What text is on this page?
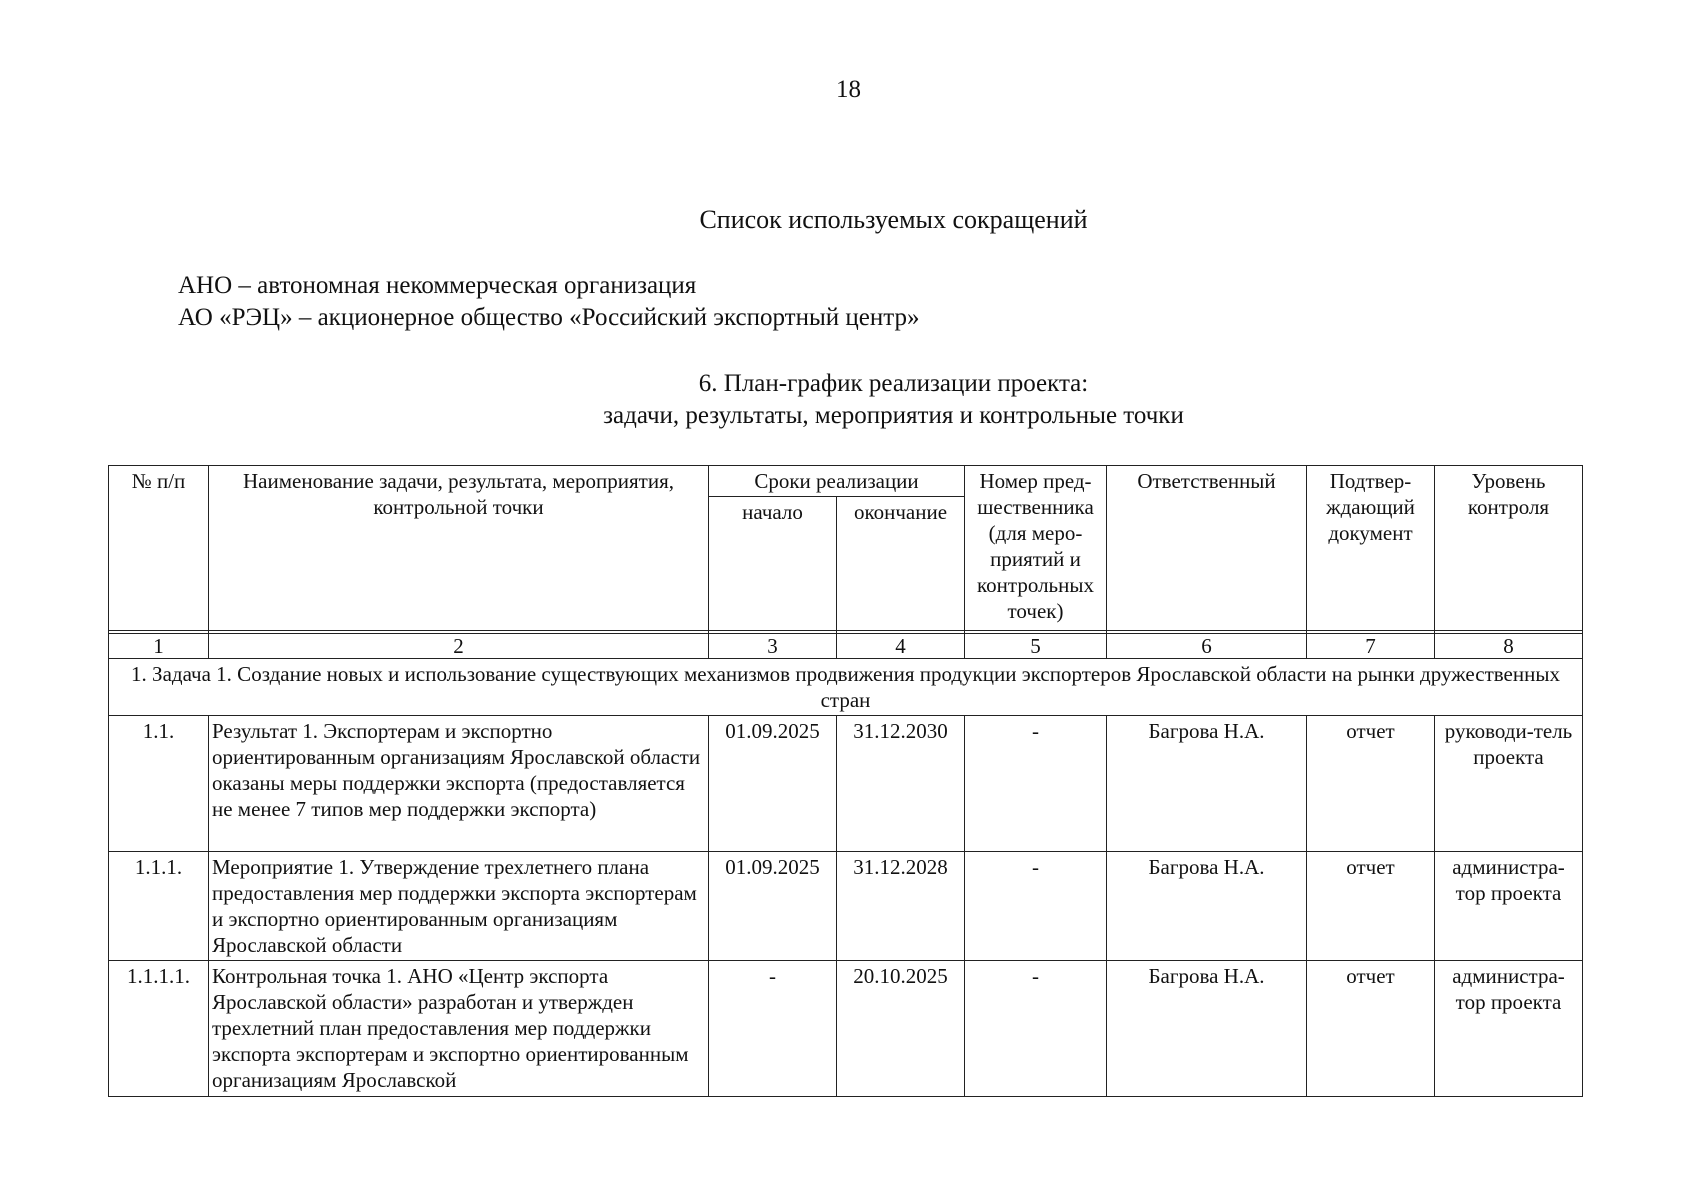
18
Список используемых сокращений
АНО – автономная некоммерческая организация
АО «РЭЦ» – акционерное общество «Российский экспортный центр»
6. План-график реализации проекта:
задачи, результаты, мероприятия и контрольные точки
№ п/п	Наименование задачи, результата, мероприятия, контрольной точки	Сроки реализации		Номер пред-шественника (для меро-приятий и контрольных точек)	Ответственный	Подтвер-ждающий документ	Уровень контроля
		начало	окончание				

1	2	3	4	5	6	7	8
1. Задача 1. Создание новых и использование существующих механизмов продвижения продукции экспортеров Ярославской области на рынки дружественных стран							
1.1.	Результат 1. Экспортерам и экспортно ориентированным организациям Ярославской области оказаны меры поддержки экспорта (предоставляется не менее 7 типов мер поддержки экспорта)	01.09.2025	31.12.2030	-	Багрова Н.А.	отчет	руководи-тель проекта
1.1.1.	Мероприятие 1. Утверждение трехлетнего плана предоставления мер поддержки экспорта экспортерам и экспортно ориентированным организациям Ярославской области	01.09.2025	31.12.2028	-	Багрова Н.А.	отчет	администра-тор проекта
1.1.1.1.	Контрольная точка 1. АНО «Центр экспорта Ярославской области» разработан и утвержден трехлетний план предоставления мер поддержки экспорта экспортерам и экспортно ориентированным организациям Ярославской	-	20.10.2025	-	Багрова Н.А.	отчет	администра-тор проекта
